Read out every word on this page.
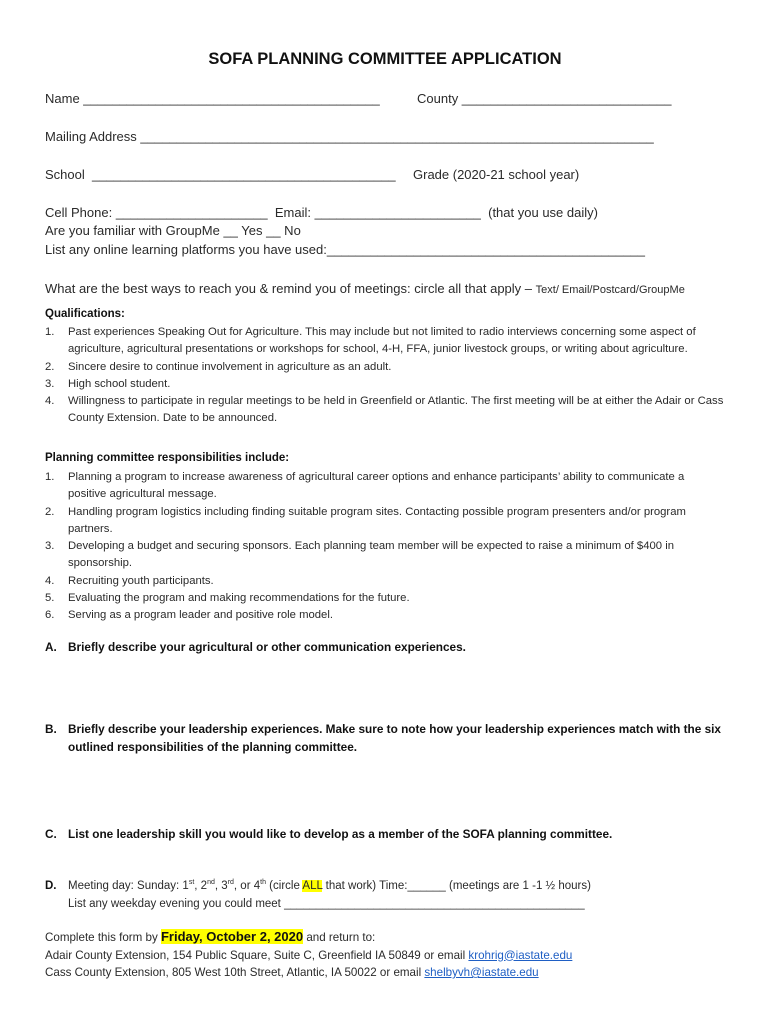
SOFA PLANNING COMMITTEE APPLICATION
Name _________________________________________	County _____________________________
Mailing Address _______________________________________________________________________
School  __________________________________________ Grade (2020-21 school year)
Cell Phone: _____________________  Email: _______________________  (that you use daily)
Are you familiar with GroupMe __ Yes __ No
List any online learning platforms you have used:____________________________________________
What are the best ways to reach you & remind you of meetings: circle all that apply – Text/ Email/Postcard/GroupMe
Qualifications:
1. Past experiences Speaking Out for Agriculture. This may include but not limited to radio interviews concerning some aspect of agriculture, agricultural presentations or workshops for school, 4-H, FFA, junior livestock groups, or writing about agriculture.
2. Sincere desire to continue involvement in agriculture as an adult.
3. High school student.
4. Willingness to participate in regular meetings to be held in Greenfield or Atlantic. The first meeting will be at either the Adair or Cass County Extension. Date to be announced.
Planning committee responsibilities include:
1. Planning a program to increase awareness of agricultural career options and enhance participants’ ability to communicate a positive agricultural message.
2. Handling program logistics including finding suitable program sites. Contacting possible program presenters and/or program partners.
3. Developing a budget and securing sponsors. Each planning team member will be expected to raise a minimum of $400 in sponsorship.
4. Recruiting youth participants.
5. Evaluating the program and making recommendations for the future.
6. Serving as a program leader and positive role model.
A. Briefly describe your agricultural or other communication experiences.
B. Briefly describe your leadership experiences. Make sure to note how your leadership experiences match with the six outlined responsibilities of the planning committee.
C. List one leadership skill you would like to develop as a member of the SOFA planning committee.
D.	Meeting day: Sunday: 1st, 2nd, 3rd, or 4th (circle ALL that work) Time:______ (meetings are 1 -1 ½ hours)
List any weekday evening you could meet _______________________________________________
Complete this form by Friday, October 2, 2020 and return to:
Adair County Extension, 154 Public Square, Suite C, Greenfield IA 50849 or email krohrig@iastate.edu
Cass County Extension, 805 West 10th Street, Atlantic, IA 50022 or email shelbyvh@iastate.edu
